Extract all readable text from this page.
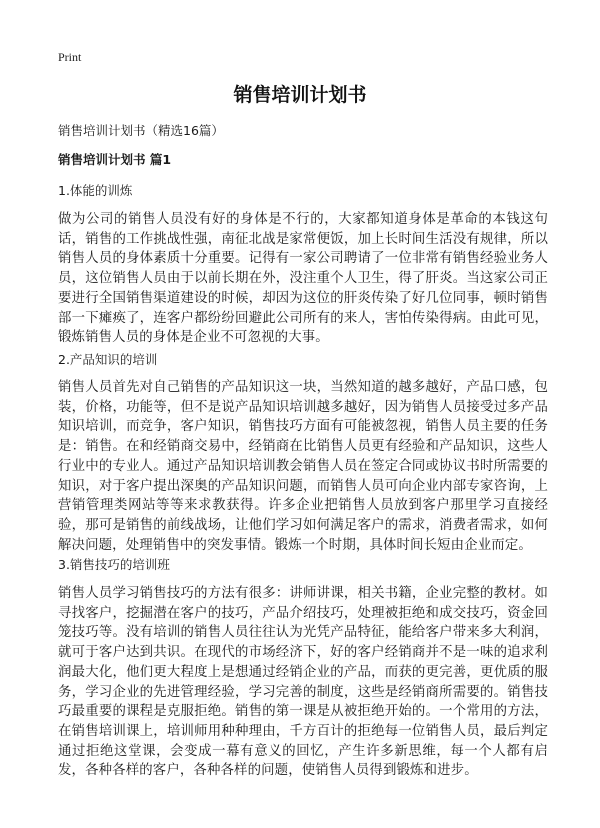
Print
销售培训计划书
销售培训计划书（精选16篇）
销售培训计划书 篇1
1.体能的训炼

做为公司的销售人员没有好的身体是不行的，大家都知道身体是革命的本钱这句话，销售的工作挑战性强，南征北战是家常便饭，加上长时间生活没有规律，所以销售人员的身体素质十分重要。记得有一家公司聘请了一位非常有销售经验业务人员，这位销售人员由于以前长期在外，没注重个人卫生，得了肝炎。当这家公司正要进行全国销售渠道建设的时候，却因为这位的肝炎传染了好几位同事，顿时销售部一下瘫痪了，连客户都纷纷回避此公司所有的来人，害怕传染得病。由此可见，锻炼销售人员的身体是企业不可忽视的大事。

2.产品知识的培训

销售人员首先对自己销售的产品知识这一块，当然知道的越多越好，产品口感，包装，价格，功能等，但不是说产品知识培训越多越好，因为销售人员接受过多产品知识培训，而竞争，客户知识，销售技巧方面有可能被忽视，销售人员主要的任务是：销售。在和经销商交易中，经销商在比销售人员更有经验和产品知识，这些人行业中的专业人。通过产品知识培训教会销售人员在签定合同或协议书时所需要的知识，对于客户提出深奥的产品知识问题，而销售人员可向企业内部专家咨询，上营销管理类网站等等来求教获得。许多企业把销售人员放到客户那里学习直接经验，那可是销售的前线战场，让他们学习如何满足客户的需求，消费者需求，如何解决问题，处理销售中的突发事情。锻炼一个时期，具体时间长短由企业而定。

3.销售技巧的培训班

销售人员学习销售技巧的方法有很多：讲师讲课，相关书籍，企业完整的教材。如寻找客户，挖掘潜在客户的技巧，产品介绍技巧，处理被拒绝和成交技巧，资金回笼技巧等。没有培训的销售人员往往认为光凭产品特征，能给客户带来多大利润，就可于客户达到共识。在现代的市场经济下，好的客户经销商并不是一味的追求利润最大化，他们更大程度上是想通过经销企业的产品，而获的更完善，更优质的服务，学习企业的先进管理经验，学习完善的制度，这些是经销商所需要的。销售技巧最重要的课程是克服拒绝。销售的第一课是从被拒绝开始的。一个常用的方法，在销售培训课上，培训师用种种理由，千方百计的拒绝每一位销售人员，最后判定通过拒绝这堂课，会变成一幕有意义的回忆，产生许多新思维，每一个人都有启发，各种各样的客户，各种各样的问题，使销售人员得到锻炼和进步。
